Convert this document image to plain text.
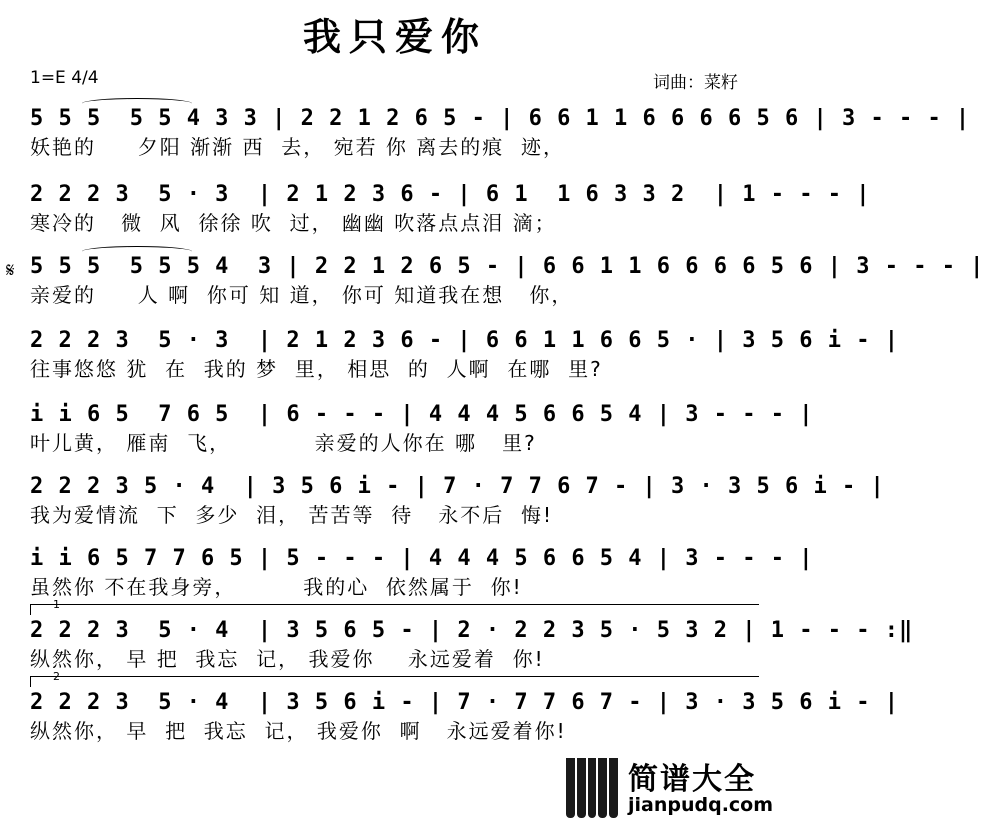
我只爱你
1=E 4/4	词曲：菜籽
𝄋
5 5 5  5 5 4 3 3 | 2 2 1 2 6 5 - | 6 6 1 1 6 6 6 6 5 6 | 3 - - - |
妖艳的     夕阳 渐渐 西  去， 宛若 你 离去的痕  迹，
2 2 2 3  5 · 3  | 2 1 2 3 6 - | 6 1  1 6 3 3 2  | 1 - - - |
寒冷的   微  风  徐徐 吹  过， 幽幽 吹落点点泪 滴；
5 5 5  5 5 5 4  3 | 2 2 1 2 6 5 - | 6 6 1 1 6 6 6 6 5 6 | 3 - - - |
亲爱的     人 啊  你可 知 道， 你可 知道我在想   你，
2 2 2 3  5 · 3  | 2 1 2 3 6 - | 6 6 1 1 6 6 5 · | 3 5 6 i - |
往事悠悠 犹  在  我的 梦  里， 相思  的  人啊  在哪  里?
i i 6 5  7 6 5  | 6 - - - | 4 4 4 5 6 6 5 4 | 3 - - - |
叶儿黄， 雁南  飞，          亲爱的人你在 哪   里?
2 2 2 3 5 · 4  | 3 5 6 i - | 7 · 7 7 6 7 - | 3 · 3 5 6 i - |
我为爱情流  下  多少  泪， 苦苦等  待   永不后  悔!
i i 6 5 7 7 6 5 | 5 - - - | 4 4 4 5 6 6 5 4 | 3 - - - |
虽然你 不在我身旁，        我的心  依然属于  你!
1
2 2 2 3  5 · 4  | 3 5 6 5 - | 2 · 2 2 3 5 · 5 3 2 | 1 - - - :‖
纵然你， 早 把  我忘  记， 我爱你    永远爱着  你!
2
2 2 2 3  5 · 4  | 3 5 6 i - | 7 · 7 7 6 7 - | 3 · 3 5 6 i - |
纵然你， 早  把  我忘  记， 我爱你  啊   永远爱着你!
简谱大全
jianpudq.com
